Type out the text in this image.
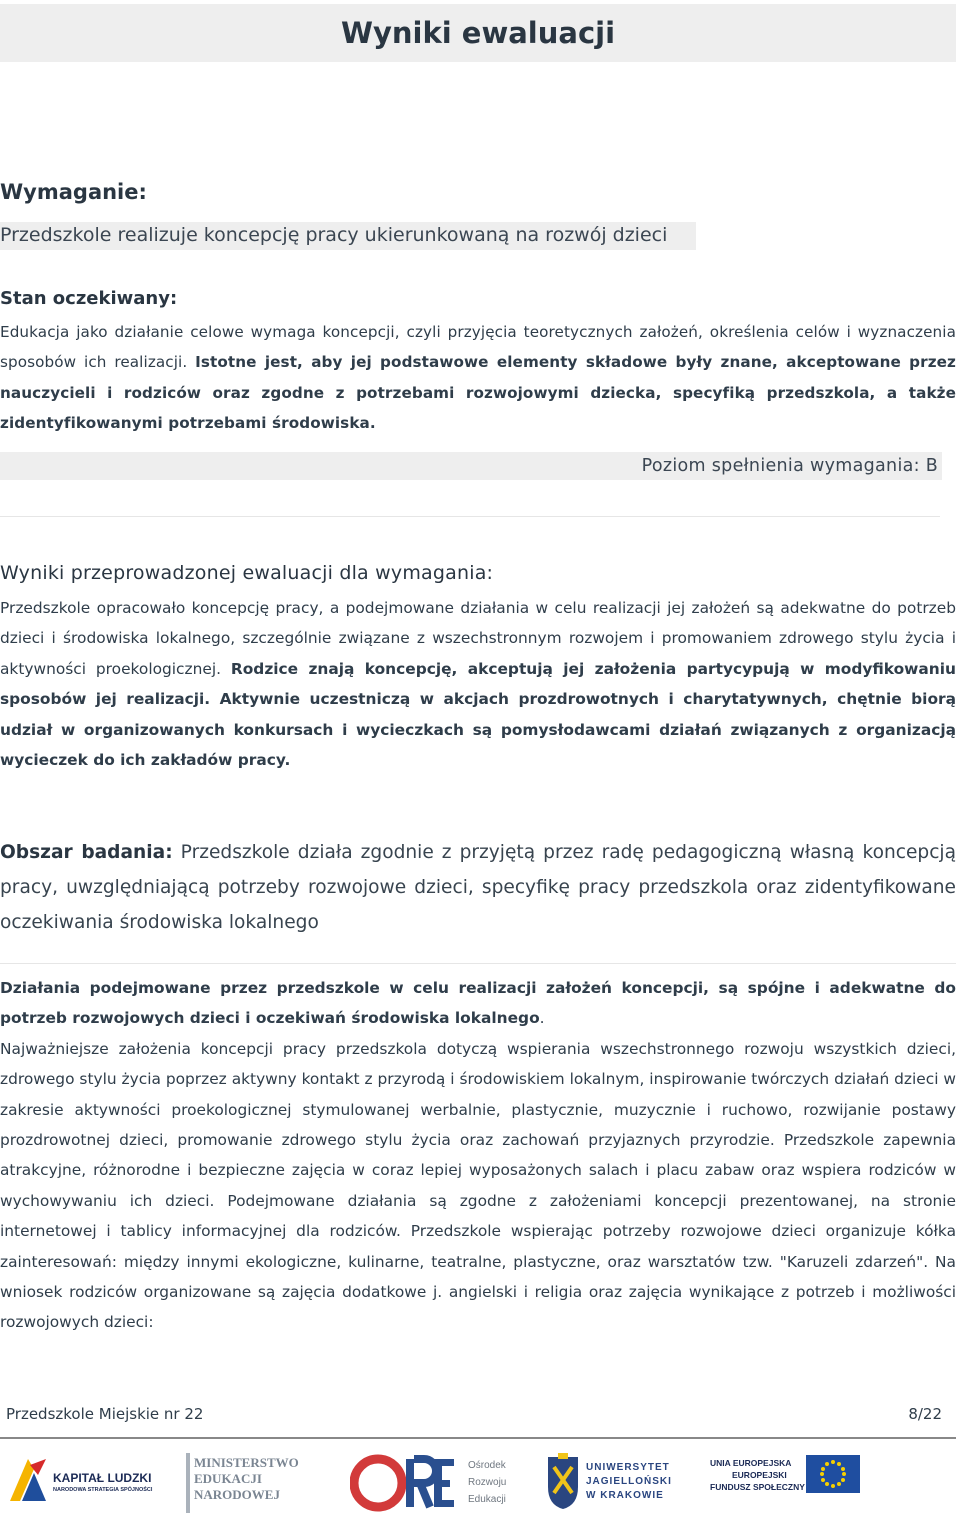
Wyniki ewaluacji
Wymaganie:
Przedszkole realizuje koncepcję pracy ukierunkowaną na rozwój dzieci
Stan oczekiwany:
Edukacja jako działanie celowe wymaga koncepcji, czyli przyjęcia teoretycznych założeń, określenia celów i wyznaczenia sposobów ich realizacji. Istotne jest, aby jej podstawowe elementy składowe były znane, akceptowane przez nauczycieli i rodziców oraz zgodne z potrzebami rozwojowymi dziecka, specyfiką przedszkola, a także zidentyfikowanymi potrzebami środowiska.
Poziom spełnienia wymagania: B
Wyniki przeprowadzonej ewaluacji dla wymagania:
Przedszkole opracowało koncepcję pracy, a podejmowane działania w celu realizacji jej założeń są adekwatne do potrzeb dzieci i środowiska lokalnego, szczególnie związane z wszechstronnym rozwojem i promowaniem zdrowego stylu życia i aktywności proekologicznej. Rodzice znają koncepcję, akceptują jej założenia partycypują w modyfikowaniu sposobów jej realizacji. Aktywnie uczestniczą w akcjach prozdrowotnych i charytatywnych, chętnie biorą udział w organizowanych konkursach i wycieczkach są pomysłodawcami działań związanych z organizacją wycieczek do ich zakładów pracy.
Obszar badania: Przedszkole działa zgodnie z przyjętą przez radę pedagogiczną własną koncepcją pracy, uwzględniającą potrzeby rozwojowe dzieci, specyfikę pracy przedszkola oraz zidentyfikowane oczekiwania środowiska lokalnego
Działania podejmowane przez przedszkole w celu realizacji założeń koncepcji, są spójne i adekwatne do potrzeb rozwojowych dzieci i oczekiwań środowiska lokalnego.
Najważniejsze założenia koncepcji pracy przedszkola dotyczą wspierania wszechstronnego rozwoju wszystkich dzieci, zdrowego stylu życia poprzez aktywny kontakt z przyrodą i środowiskiem lokalnym, inspirowanie twórczych działań dzieci w zakresie aktywności proekologicznej stymulowanej werbalnie, plastycznie, muzycznie i ruchowo, rozwijanie postawy prozdrowotnej dzieci, promowanie zdrowego stylu życia oraz zachowań przyjaznych przyrodzie. Przedszkole zapewnia atrakcyjne, różnorodne i bezpieczne zajęcia w coraz lepiej wyposażonych salach i placu zabaw oraz wspiera rodziców w wychowywaniu ich dzieci. Podejmowane działania są zgodne z założeniami koncepcji prezentowanej, na stronie internetowej i tablicy informacyjnej dla rodziców. Przedszkole wspierając potrzeby rozwojowe dzieci organizuje kółka zainteresowań: między innymi ekologiczne, kulinarne, teatralne, plastyczne, oraz warsztatów tzw. "Karuzeli zdarzeń". Na wniosek rodziców organizowane są zajęcia dodatkowe j. angielski i religia oraz zajęcia wynikające z potrzeb i możliwości rozwojowych dzieci:
Przedszkole Miejskie nr 22	8/22
KAPITAŁ LUDZKI
NARODOWA STRATEGIA SPÓJNOŚCI
MINISTERSTWO
EDUKACJI
NARODOWEJ
Ośrodek
Rozwoju
Edukacji
UNIWERSYTET
JAGIELLOŃSKI
W KRAKOWIE
UNIA EUROPEJSKA
EUROPEJSKI
FUNDUSZ SPOŁECZNY
